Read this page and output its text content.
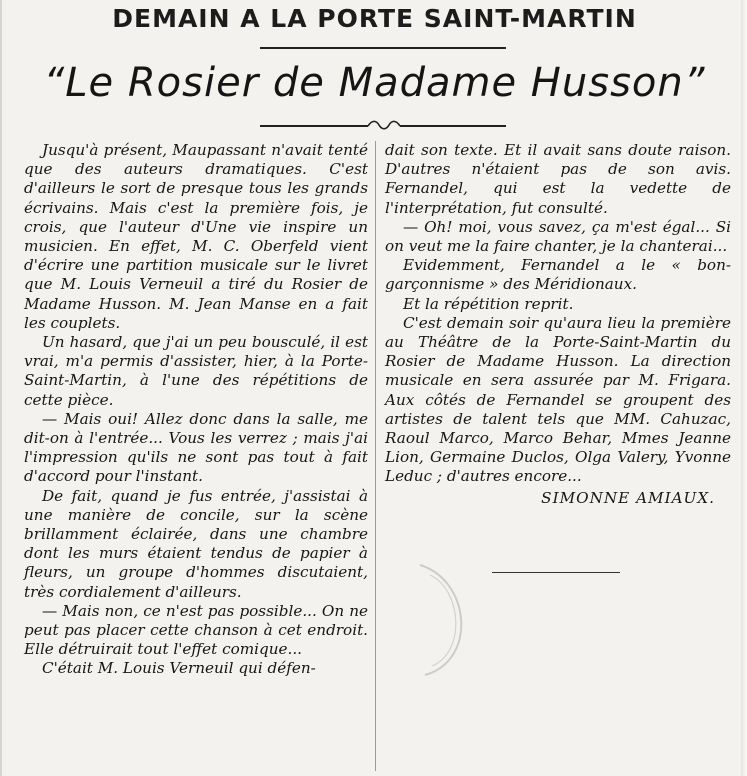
DEMAIN A LA PORTE SAINT-MARTIN
“Le Rosier de Madame Husson”

Jusqu'à présent, Maupassant n'avait tenté que des auteurs dramatiques. C'est d'ailleurs le sort de presque tous les grands écrivains. Mais c'est la première fois, je crois, que l'auteur d'Une vie inspire un musicien. En effet, M. C. Oberfeld vient d'écrire une partition musicale sur le livret que M. Louis Verneuil a tiré du Rosier de Madame Husson. M. Jean Manse en a fait les couplets.

Un hasard, que j'ai un peu bousculé, il est vrai, m'a permis d'assister, hier, à la Porte-Saint-Martin, à l'une des répétitions de cette pièce.

— Mais oui! Allez donc dans la salle, me dit-on à l'entrée... Vous les verrez ; mais j'ai l'impression qu'ils ne sont pas tout à fait d'accord pour l'instant.

De fait, quand je fus entrée, j'assistai à une manière de concile, sur la scène brillamment éclairée, dans une chambre dont les murs étaient tendus de papier à fleurs, un groupe d'hommes discutaient, très cordialement d'ailleurs.

— Mais non, ce n'est pas possible... On ne peut pas placer cette chanson à cet endroit. Elle détruirait tout l'effet comique...

C'était M. Louis Verneuil qui défen-

dait son texte. Et il avait sans doute raison. D'autres n'étaient pas de son avis. Fernandel, qui est la vedette de l'interprétation, fut consulté.

— Oh! moi, vous savez, ça m'est égal... Si on veut me la faire chanter, je la chanterai...

Evidemment, Fernandel a le « bongarçonnisme » des Méridionaux.

Et la répétition reprit.

C'est demain soir qu'aura lieu la première au Théâtre de la Porte-Saint-Martin du Rosier de Madame Husson. La direction musicale en sera assurée par M. Frigara. Aux côtés de Fernandel se groupent des artistes de talent tels que MM. Cahuzac, Raoul Marco, Marco Behar, Mmes Jeanne Lion, Germaine Duclos, Olga Valery, Yvonne Leduc ; d'autres encore...

SIMONNE AMIAUX.
